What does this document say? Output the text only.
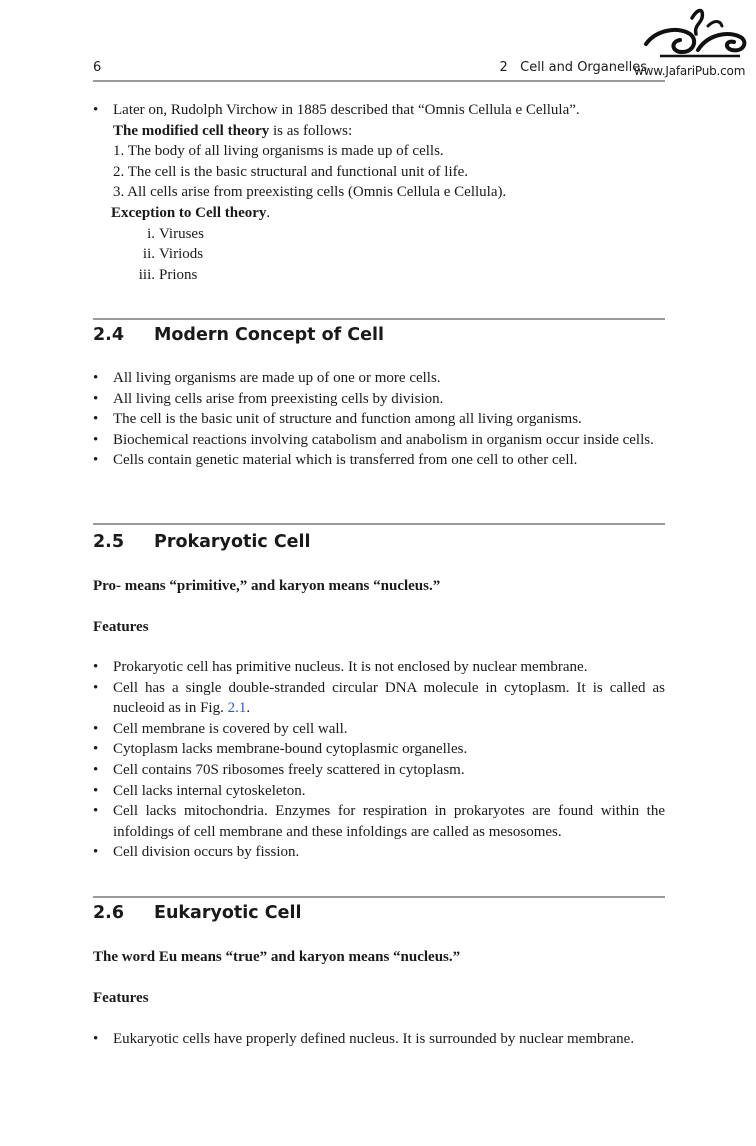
6	2   Cell and Organelles
www.JafariPub.com
• Later on, Rudolph Virchow in 1885 described that “Omnis Cellula e Cellula”.
The modified cell theory is as follows:
1. The body of all living organisms is made up of cells.
2. The cell is the basic structural and functional unit of life.
3. All cells arise from preexisting cells (Omnis Cellula e Cellula).
Exception to Cell theory.
i. Viruses
ii. Viriods
iii. Prions
2.4 Modern Concept of Cell
• All living organisms are made up of one or more cells.
• All living cells arise from preexisting cells by division.
• The cell is the basic unit of structure and function among all living organisms.
• Biochemical reactions involving catabolism and anabolism in organism occur inside cells.
• Cells contain genetic material which is transferred from one cell to other cell.
2.5 Prokaryotic Cell
Pro- means “primitive,” and karyon means “nucleus.”
Features
• Prokaryotic cell has primitive nucleus. It is not enclosed by nuclear membrane.
• Cell has a single double-stranded circular DNA molecule in cytoplasm. It is called as nucleoid as in Fig. 2.1.
• Cell membrane is covered by cell wall.
• Cytoplasm lacks membrane-bound cytoplasmic organelles.
• Cell contains 70S ribosomes freely scattered in cytoplasm.
• Cell lacks internal cytoskeleton.
• Cell lacks mitochondria. Enzymes for respiration in prokaryotes are found within the infoldings of cell membrane and these infoldings are called as mesosomes.
• Cell division occurs by fission.
2.6 Eukaryotic Cell
The word Eu means “true” and karyon means “nucleus.”
Features
• Eukaryotic cells have properly defined nucleus. It is surrounded by nuclear membrane.
